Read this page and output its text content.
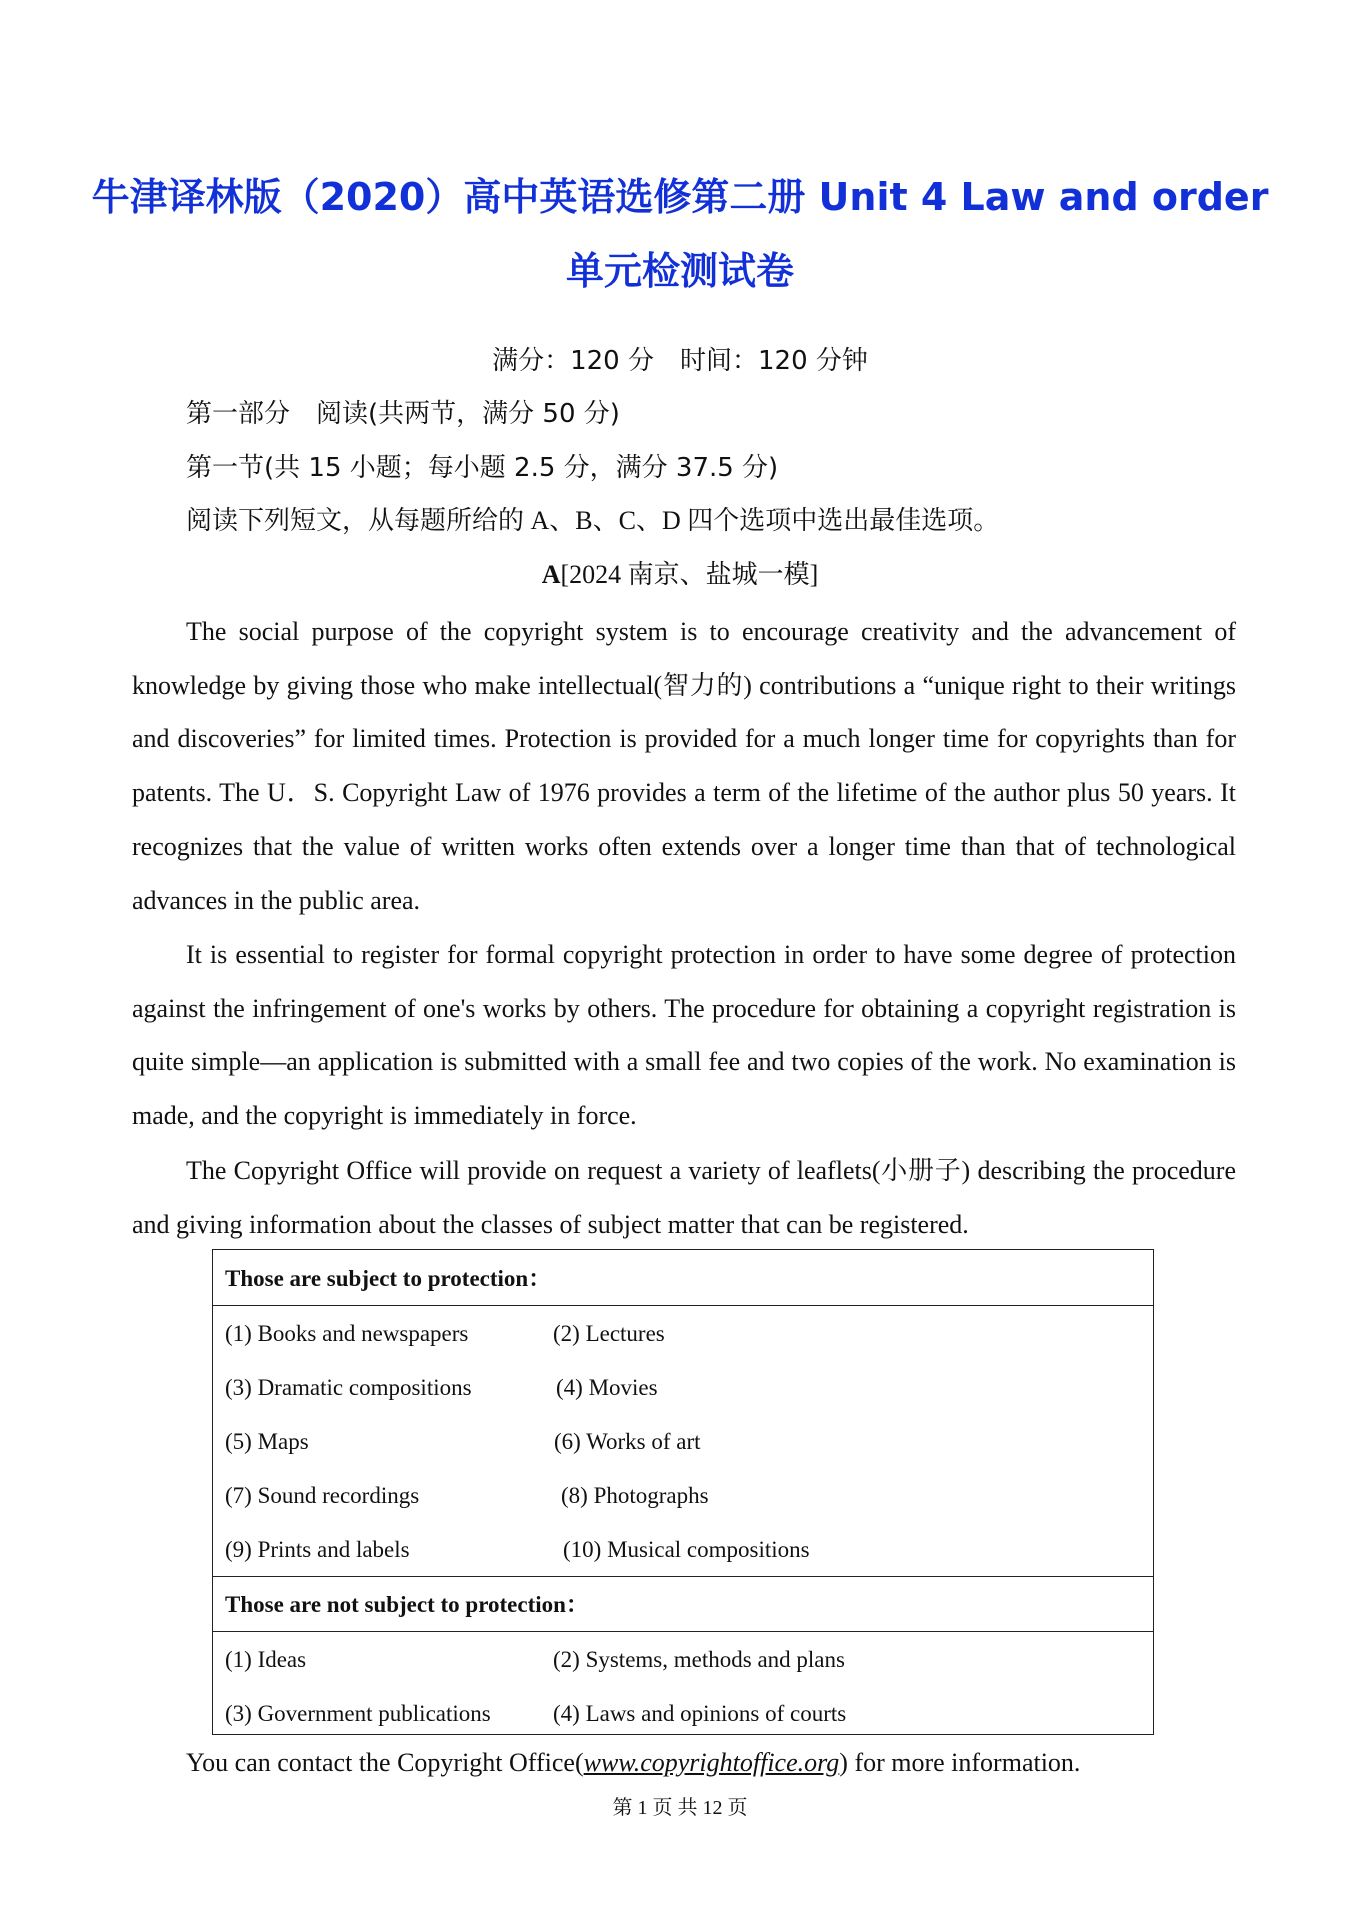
牛津译林版（2020）高中英语选修第二册 Unit 4 Law and order
单元检测试卷
满分：120 分　时间：120 分钟
第一部分　阅读(共两节，满分 50 分)
第一节(共 15 小题；每小题 2.5 分，满分 37.5 分)
阅读下列短文，从每题所给的 A、B、C、D 四个选项中选出最佳选项。
A[2024 南京、盐城一模]

The social purpose of the copyright system is to encourage creativity and the advancement of knowledge by giving those who make intellectual(智力的) contributions a “unique right to their writings and discoveries” for limited times. Protection is provided for a much longer time for copyrights than for patents. The U．S. Copyright Law of 1976 provides a term of the lifetime of the author plus 50 years. It recognizes that the value of written works often extends over a longer time than that of technological advances in the public area.

It is essential to register for formal copyright protection in order to have some degree of protection against the infringement of one's works by others. The procedure for obtaining a copyright registration is quite simple—an application is submitted with a small fee and two copies of the work. No examination is made, and the copyright is immediately in force.

The Copyright Office will provide on request a variety of leaflets(小册子) describing the procedure and giving information about the classes of subject matter that can be registered.

Those are subject to protection：
(1) Books and newspapers	(2) Lectures
(3) Dramatic compositions	(4) Movies
(5) Maps	(6) Works of art
(7) Sound recordings	(8) Photographs
(9) Prints and labels	(10) Musical compositions
Those are not subject to protection：
(1) Ideas	(2) Systems, methods and plans
(3) Government publications	(4) Laws and opinions of courts
You can contact the Copyright Office(www.copyrightoffice.org) for more information.
第 1 页 共 12 页
